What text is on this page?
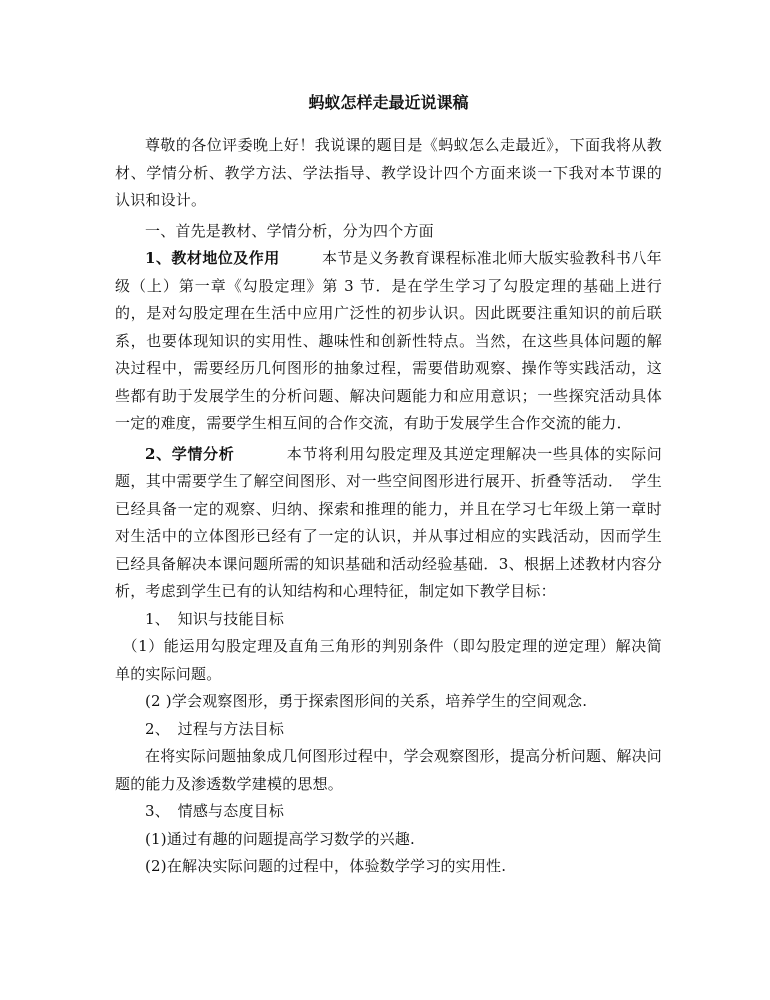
蚂蚁怎样走最近说课稿

尊敬的各位评委晚上好！我说课的题目是《蚂蚁怎么走最近》，下面我将从教材、学情分析、教学方法、学法指导、教学设计四个方面来谈一下我对本节课的认识和设计。

一、首先是教材、学情分析，分为四个方面

1、教材地位及作用	本节是义务教育课程标准北师大版实验教科书八年级（上）第一章《勾股定理》第 3 节．是在学生学习了勾股定理的基础上进行的，是对勾股定理在生活中应用广泛性的初步认识。因此既要注重知识的前后联系，也要体现知识的实用性、趣味性和创新性特点。当然，在这些具体问题的解决过程中，需要经历几何图形的抽象过程，需要借助观察、操作等实践活动，这些都有助于发展学生的分析问题、解决问题能力和应用意识；一些探究活动具体一定的难度，需要学生相互间的合作交流，有助于发展学生合作交流的能力．

2、学情分析	本节将利用勾股定理及其逆定理解决一些具体的实际问题，其中需要学生了解空间图形、对一些空间图形进行展开、折叠等活动．　学生已经具备一定的观察、归纳、探索和推理的能力，并且在学习七年级上第一章时对生活中的立体图形已经有了一定的认识，并从事过相应的实践活动，因而学生已经具备解决本课问题所需的知识基础和活动经验基础．3、根据上述教材内容分析，考虑到学生已有的认知结构和心理特征，制定如下教学目标：

1、　知识与技能目标

（1）能运用勾股定理及直角三角形的判别条件（即勾股定理的逆定理）解决简单的实际问题。

(2 )学会观察图形，勇于探索图形间的关系，培养学生的空间观念.

2、　过程与方法目标

在将实际问题抽象成几何图形过程中，学会观察图形，提高分析问题、解决问题的能力及渗透数学建模的思想。

3、　情感与态度目标

(1)通过有趣的问题提高学习数学的兴趣.

(2)在解决实际问题的过程中，体验数学学习的实用性.
